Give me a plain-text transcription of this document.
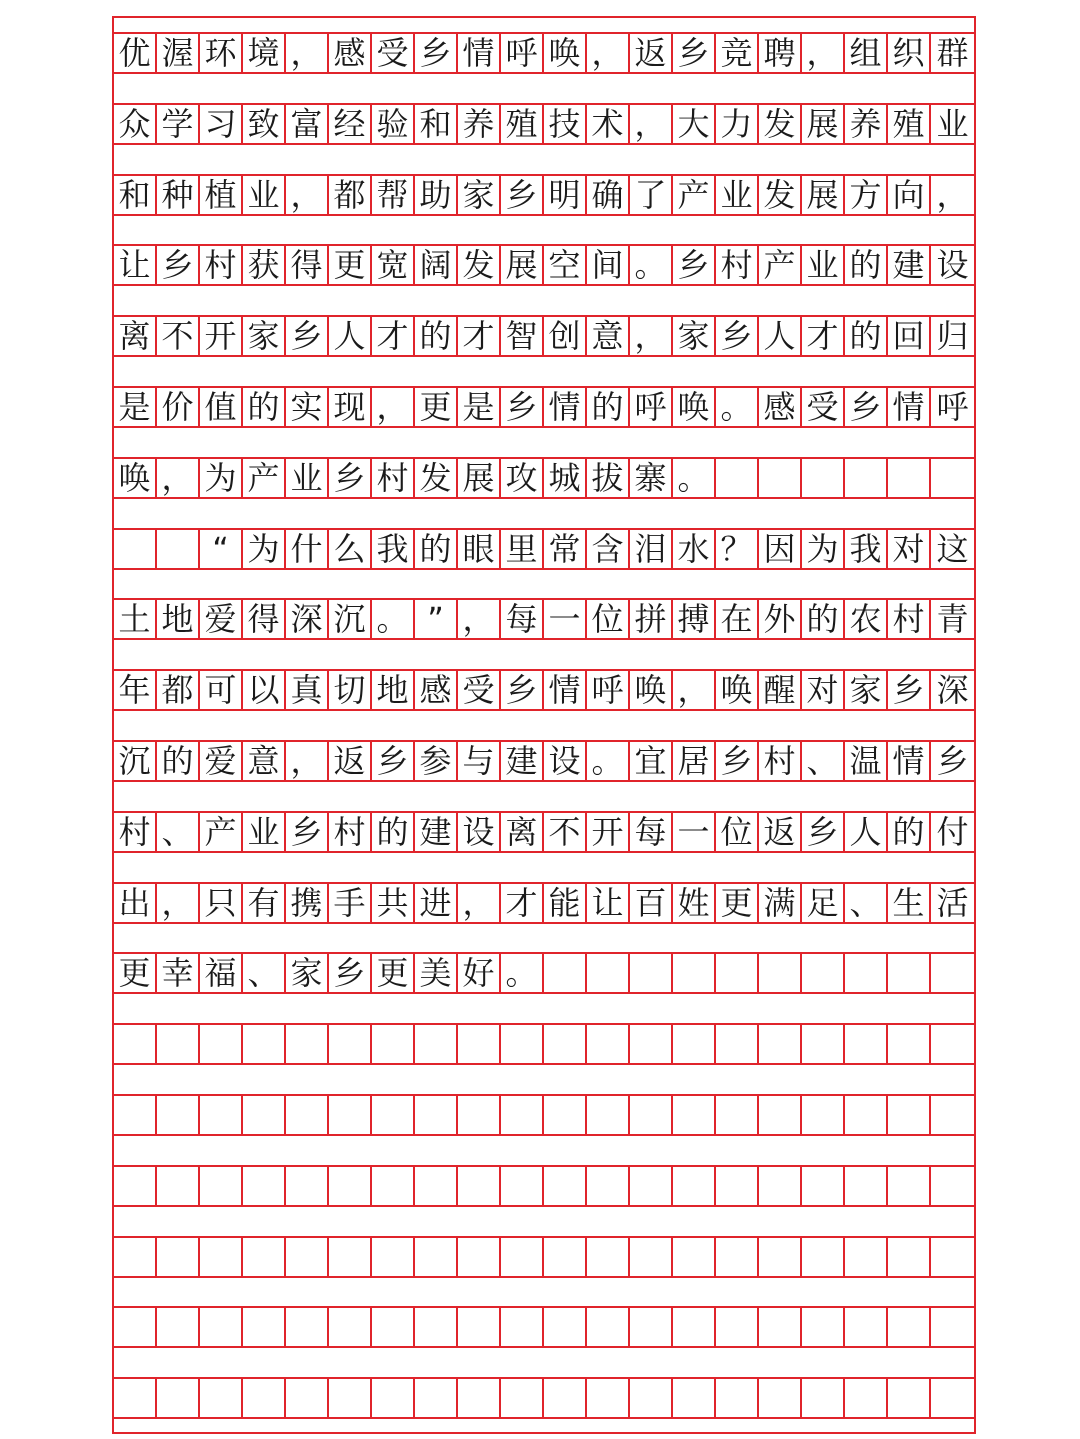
优 渥 环 境 ， 感 受 乡 情 呼 唤 ， 返 乡 竞 聘 ， 组 织 群
众 学 习 致 富 经 验 和 养 殖 技 术 ， 大 力 发 展 养 殖 业
和 种 植 业 ， 都 帮 助 家 乡 明 确 了 产 业 发 展 方 向 ，
让 乡 村 获 得 更 宽 阔 发 展 空 间 。 乡 村 产 业 的 建 设
离 不 开 家 乡 人 才 的 才 智 创 意 ， 家 乡 人 才 的 回 归
是 价 值 的 实 现 ， 更 是 乡 情 的 呼 唤 。 感 受 乡 情 呼
唤 ， 为 产 业 乡 村 发 展 攻 城 拔 寨 。
“ 为 什 么 我 的 眼 里 常 含 泪 水 ？ 因 为 我 对 这
土 地 爱 得 深 沉 。 ” ， 每 一 位 拼 搏 在 外 的 农 村 青
年 都 可 以 真 切 地 感 受 乡 情 呼 唤 ， 唤 醒 对 家 乡 深
沉 的 爱 意 ， 返 乡 参 与 建 设 。 宜 居 乡 村 、 温 情 乡
村 、 产 业 乡 村 的 建 设 离 不 开 每 一 位 返 乡 人 的 付
出 ， 只 有 携 手 共 进 ， 才 能 让 百 姓 更 满 足 、 生 活
更 幸 福 、 家 乡 更 美 好 。
